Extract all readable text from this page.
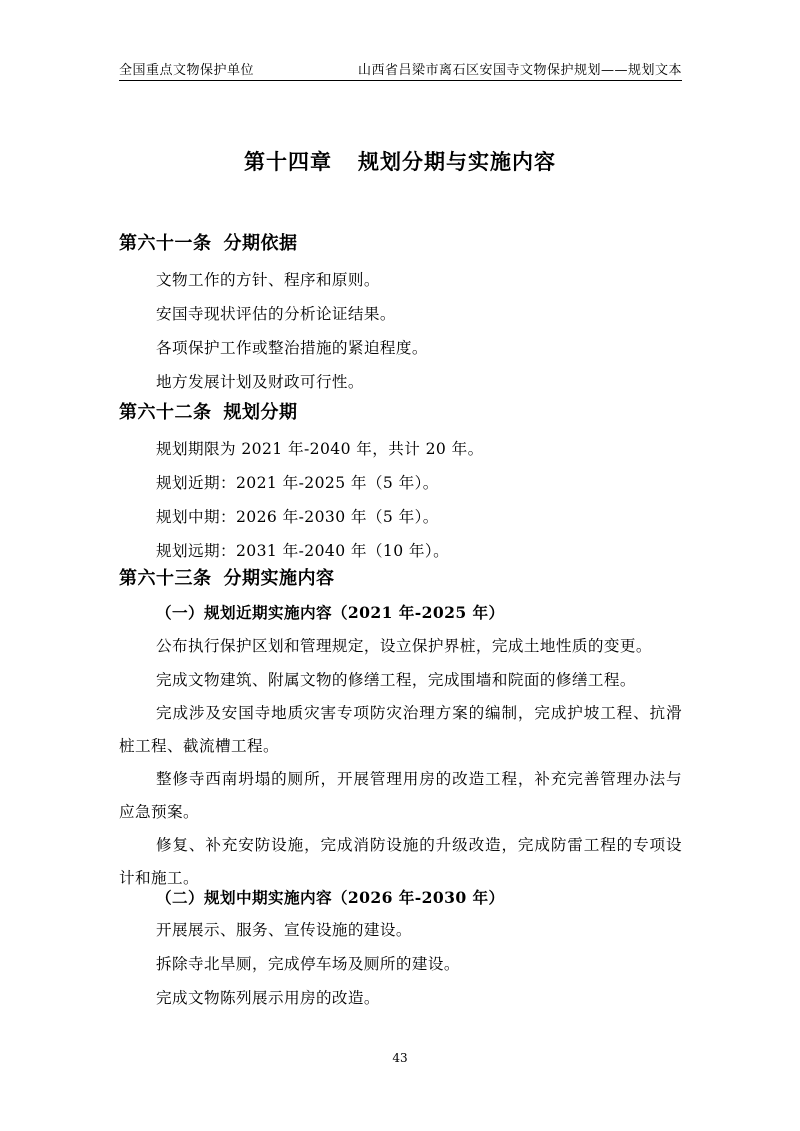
全国重点文物保护单位	山西省吕梁市离石区安国寺文物保护规划——规划文本
第十四章 规划分期与实施内容
第六十一条 分期依据
文物工作的方针、程序和原则。
安国寺现状评估的分析论证结果。
各项保护工作或整治措施的紧迫程度。
地方发展计划及财政可行性。
第六十二条 规划分期
规划期限为 2021 年-2040 年，共计 20 年。
规划近期：2021 年-2025 年（5 年）。
规划中期：2026 年-2030 年（5 年）。
规划远期：2031 年-2040 年（10 年）。
第六十三条 分期实施内容
（一）规划近期实施内容（2021 年-2025 年）
公布执行保护区划和管理规定，设立保护界桩，完成土地性质的变更。
完成文物建筑、附属文物的修缮工程，完成围墙和院面的修缮工程。
完成涉及安国寺地质灾害专项防灾治理方案的编制，完成护坡工程、抗滑桩工程、截流槽工程。
整修寺西南坍塌的厕所，开展管理用房的改造工程，补充完善管理办法与应急预案。
修复、补充安防设施，完成消防设施的升级改造，完成防雷工程的专项设计和施工。
（二）规划中期实施内容（2026 年-2030 年）
开展展示、服务、宣传设施的建设。
拆除寺北旱厕，完成停车场及厕所的建设。
完成文物陈列展示用房的改造。
43
